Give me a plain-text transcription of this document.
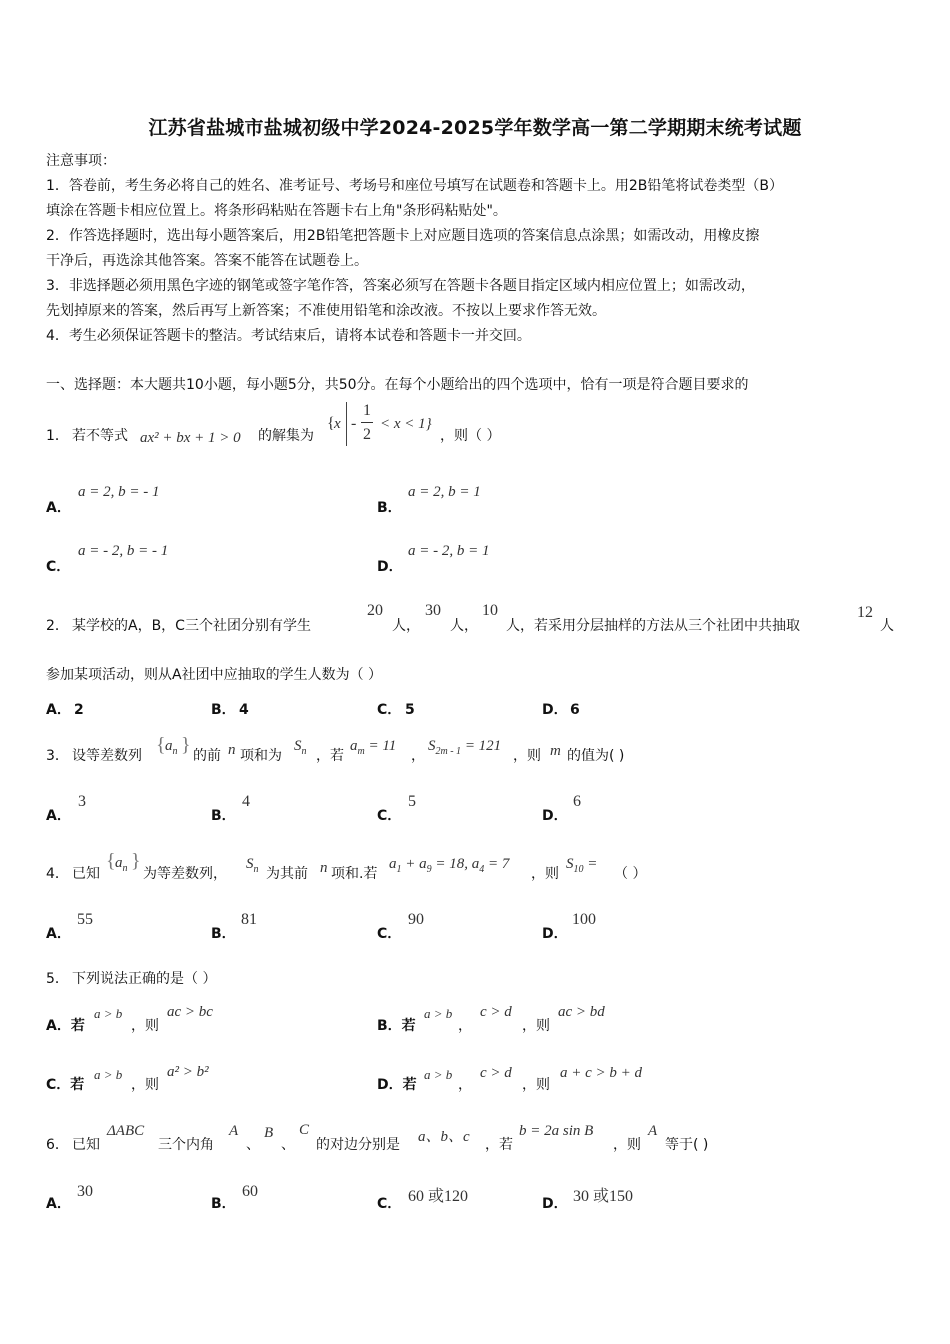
江苏省盐城市盐城初级中学2024-2025学年数学高一第二学期期末统考试题
注意事项：
1．答卷前，考生务必将自己的姓名、准考证号、考场号和座位号填写在试题卷和答题卡上。用2B铅笔将试卷类型（B）
填涂在答题卡相应位置上。将条形码粘贴在答题卡右上角"条形码粘贴处"。
2．作答选择题时，选出每小题答案后，用2B铅笔把答题卡上对应题目选项的答案信息点涂黑；如需改动，用橡皮擦
干净后，再选涂其他答案。答案不能答在试题卷上。
3．非选择题必须用黑色字迹的钢笔或签字笔作答，答案必须写在答题卡各题目指定区域内相应位置上；如需改动，
先划掉原来的答案，然后再写上新答案；不准使用铅笔和涂改液。不按以上要求作答无效。
4．考生必须保证答题卡的整洁。考试结束后，请将本试卷和答题卡一并交回。
一、选择题：本大题共10小题，每小题5分，共50分。在每个小题给出的四个选项中，恰有一项是符合题目要求的
1． 若不等式 ax² + bx + 1 > 0 的解集为
{ x -
1
2
< x < 1}
，则（ ）
A．
a = 2, b = - 1
B．
a = 2, b = 1
C．
a = - 2, b = - 1
D．
a = - 2, b = 1
2． 某学校的A，B，C三个社团分别有学生
20
人，
30
人，
10
人，若采用分层抽样的方法从三个社团中共抽取
12
人
参加某项活动，则从A社团中应抽取的学生人数为（ ）
A． 2	B． 4	C． 5	D． 6
3． 设等差数列 { $a_n$ } 的前 n 项和为
$S_n$ ，若
$a_m = 11$
，
$S_{2m - 1} = 121$
，则 m 的值为( )
A．
3
B．
4
C．
5
D．
6
4． 已知
{ $a_n$ }
为等差数列，
$S_n$ 为其前 n 项和.若
$a_1 + a_9 = 18$, $a_4 = 7$
，则
$S_{10}$ =
（ ）
A．
55
B．
81
C．
90
D．
100
5． 下列说法正确的是（ ）
A．若
a > b
，则
ac > bc
B．若
a > b
，
c > d
，则
ac > bd
C．若
a > b
，则
a² > b²
D．若
a > b
，
c > d
，则
a + c > b + d
6． 已知
ΔABC
三个内角
A
、
B
、
C
的对边分别是 a、b、c ，若
b = 2a sin B
，则
A
等于( )
A．
30
B．
60
C． 60 或120	D． 30 或150
